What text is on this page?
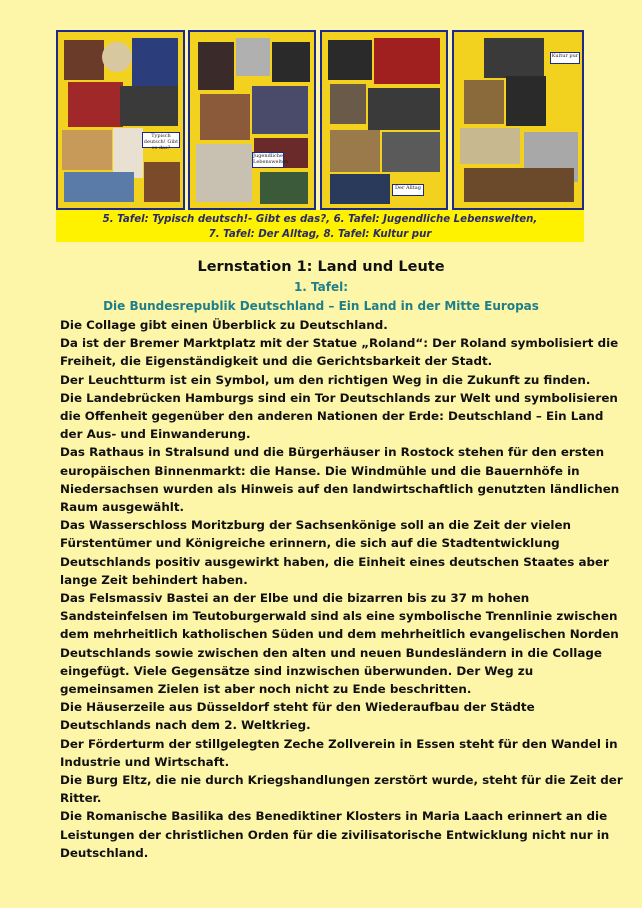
Typisch deutsch! Gibt es das?
Jugendliche Lebenswelten
Der Alltag
Kultur pur
5. Tafel: Typisch deutsch!- Gibt es das?, 6. Tafel: Jugendliche Lebenswelten,
7. Tafel: Der Alltag, 8. Tafel: Kultur pur
Lernstation 1: Land und Leute
1. Tafel:
Die Bundesrepublik Deutschland – Ein Land in der Mitte Europas
Die Collage gibt einen Überblick zu Deutschland.
Da ist der Bremer Marktplatz mit der Statue „Roland“: Der Roland symbolisiert die
Freiheit, die Eigenständigkeit und die Gerichtsbarkeit der Stadt.
Der Leuchtturm ist ein Symbol, um den richtigen Weg in die Zukunft zu finden.
Die Landebrücken Hamburgs sind ein Tor Deutschlands zur Welt und symbolisieren
die Offenheit gegenüber den anderen Nationen der Erde: Deutschland – Ein Land
der Aus- und Einwanderung.
Das Rathaus in Stralsund und die Bürgerhäuser in Rostock stehen für den ersten
europäischen Binnenmarkt: die Hanse. Die Windmühle und die Bauernhöfe in
Niedersachsen wurden als Hinweis auf den landwirtschaftlich genutzten ländlichen
Raum ausgewählt.
Das Wasserschloss Moritzburg der Sachsenkönige soll an die Zeit der vielen
Fürstentümer und Königreiche erinnern, die sich auf die Stadtentwicklung
Deutschlands positiv ausgewirkt haben, die Einheit eines deutschen Staates aber
lange Zeit behindert haben.
Das Felsmassiv Bastei an der Elbe und die bizarren bis zu 37 m hohen
Sandsteinfelsen im Teutoburgerwald sind als eine symbolische Trennlinie zwischen
dem mehrheitlich katholischen Süden und dem mehrheitlich evangelischen Norden
Deutschlands sowie zwischen den alten und neuen Bundesländern in die Collage
eingefügt. Viele Gegensätze sind inzwischen überwunden. Der Weg zu
gemeinsamen Zielen ist aber noch nicht zu Ende beschritten.
Die Häuserzeile aus Düsseldorf steht für den Wiederaufbau der Städte
Deutschlands nach dem 2. Weltkrieg.
Der Förderturm der stillgelegten Zeche Zollverein in Essen steht für den Wandel in
Industrie und Wirtschaft.
Die Burg Eltz, die nie durch Kriegshandlungen zerstört wurde, steht für die Zeit der
Ritter.
Die Romanische Basilika des Benediktiner Klosters in Maria Laach erinnert an die
Leistungen der christlichen Orden für die zivilisatorische Entwicklung nicht nur in
Deutschland.
